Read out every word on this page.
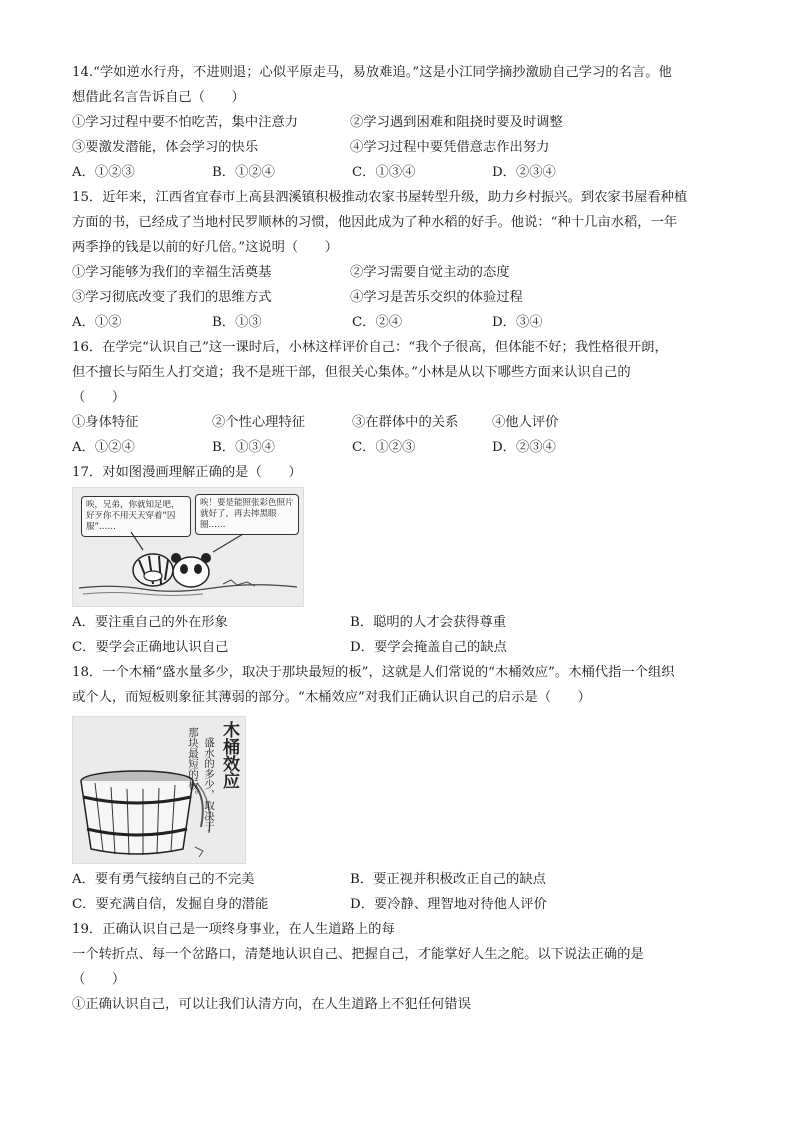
14.“学如逆水行舟，不进则退；心似平原走马，易放难追。”这是小江同学摘抄激励自己学习的名言。他
想借此名言告诉自己（　　）
①学习过程中要不怕吃苦，集中注意力	②学习遇到困难和阻挠时要及时调整
③要激发潜能，体会学习的快乐	④学习过程中要凭借意志作出努力
A．①②③	B．①②④	C．①③④	D．②③④
15．近年来，江西省宜春市上高县泗溪镇积极推动农家书屋转型升级，助力乡村振兴。到农家书屋看种植
方面的书，已经成了当地村民罗顺林的习惯，他因此成为了种水稻的好手。他说：“种十几亩水稻，一年
两季挣的钱是以前的好几倍。”这说明（　　）
①学习能够为我们的幸福生活奠基	②学习需要自觉主动的态度
③学习彻底改变了我们的思维方式	④学习是苦乐交织的体验过程
A．①②	B．①③	C．②④	D．③④
16．在学完“认识自己”这一课时后，小林这样评价自己：“我个子很高，但体能不好；我性格很开朗，
但不擅长与陌生人打交道；我不是班干部，但很关心集体。”小林是从以下哪些方面来认识自己的
（　　）
①身体特征	②个性心理特征	③在群体中的关系	④他人评价
A．①②④	B．①③④	C．①②③	D．②③④
17．对如图漫画理解正确的是（　　）
唉，兄弟，你就知足吧，好歹你不用天天穿着“囚服”……
唉！要是能照张彩色照片就好了，再去摔黑眼圈……
A．要注重自己的外在形象	B．聪明的人才会获得尊重
C．要学会正确地认识自己	D．要学会掩盖自己的缺点
18．一个木桶“盛水量多少，取决于那块最短的板”，这就是人们常说的“木桶效应”。木桶代指一个组织
或个人，而短板则象征其薄弱的部分。“木桶效应”对我们正确认识自己的启示是（　　）
木桶效应
盛水的多少，取决于
那块最短的板。
A．要有勇气接纳自己的不完美	B．要正视并积极改正自己的缺点
C．要充满自信，发掘自身的潜能	D．要冷静、理智地对待他人评价
19．正确认识自己是一项终身事业，在人生道路上的每
一个转折点、每一个岔路口，清楚地认识自己、把握自己，才能掌好人生之舵。以下说法正确的是
（　　）
①正确认识自己，可以让我们认清方向，在人生道路上不犯任何错误
